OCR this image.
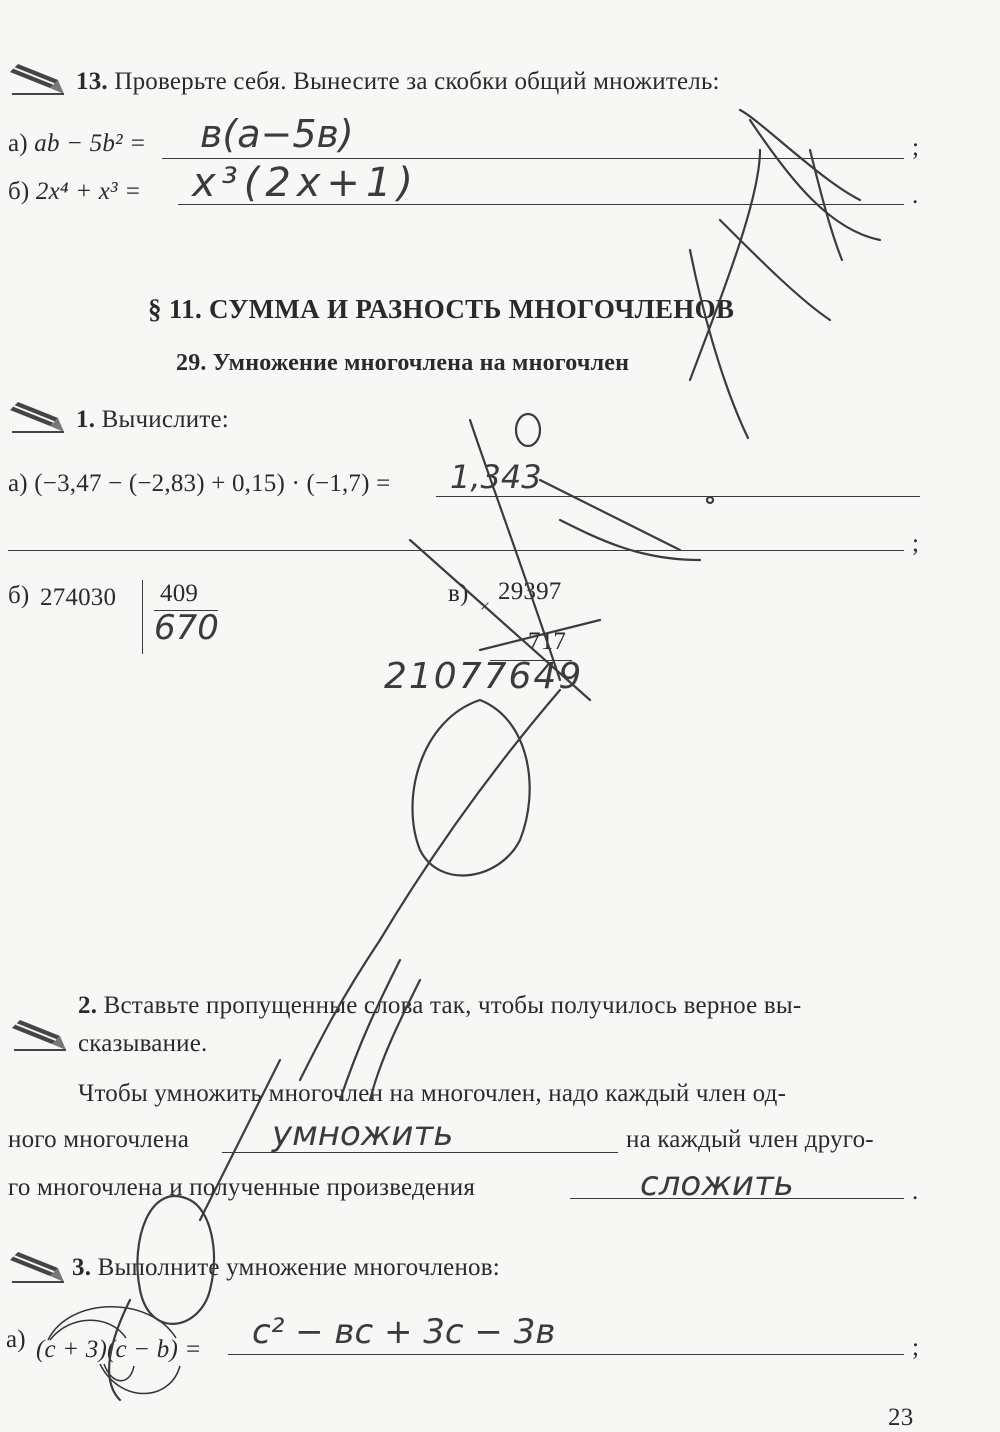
13. Проверьте себя. Вынесите за скобки общий множитель:
а) ab − 5b² = в(a−5в)	;
б) 2x⁴ + x³ = x³(2x+1)	.
§ 11. СУММА И РАЗНОСТЬ МНОГОЧЛЕНОВ
29. Умножение многочлена на многочлен
1. Вычислите:
а) (−3,47 − (−2,83) + 0,15) · (−1,7) = 1,343
;
б) 274030 409
670
в) ×
29397
717
21077649
2. Вставьте пропущенные слова так, чтобы получилось верное вы-
сказывание.
Чтобы умножить многочлен на многочлен, надо каждый член од-
ного многочлена умножить	на каждый член друго-
го многочлена и полученные произведения	сложить	.
3. Выполните умножение многочленов:
а) (c + 3)(c − b) = c² − вc + 3c − 3в	;
23
